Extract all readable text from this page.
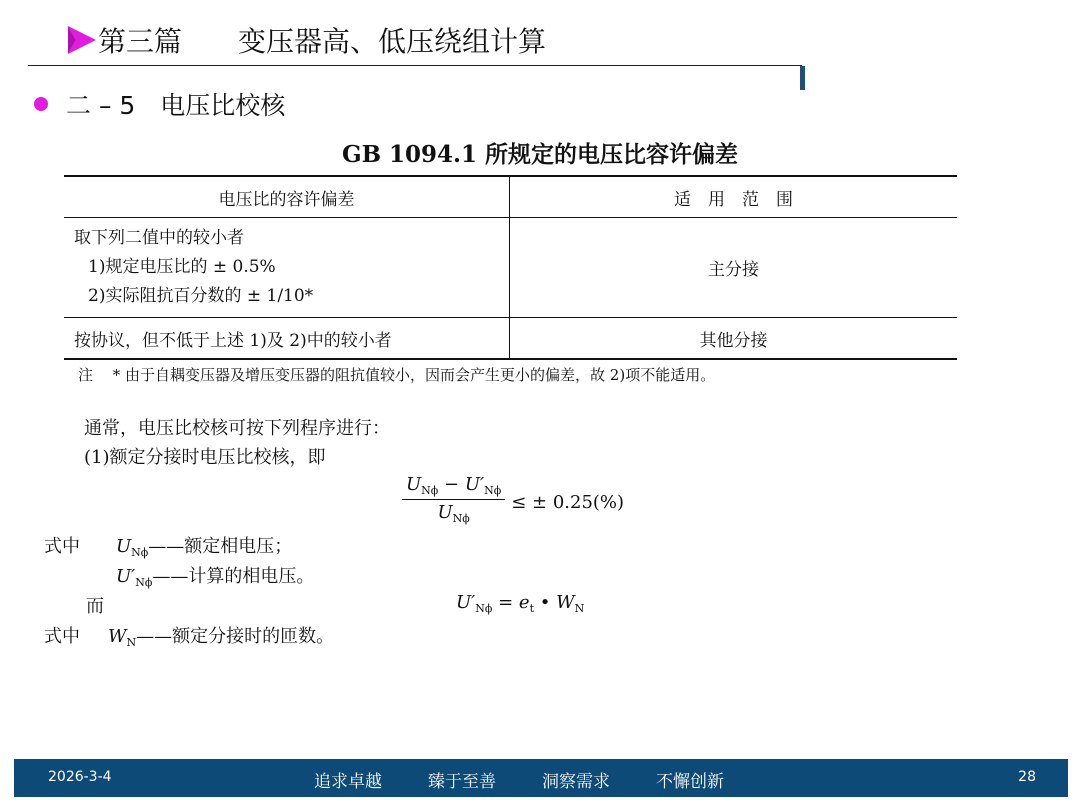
第三篇　　变压器高、低压绕组计算
二 – 5　电压比校核
GB 1094.1 所规定的电压比容许偏差
电压比的容许偏差	适　用　范　围

取下列二值中的较小者
1)规定电压比的 ± 0.5%
2)实际阻抗百分数的 ± 1/10*	主分接

按协议，但不低于上述 1)及 2)中的较小者	其他分接
注　 * 由于自耦变压器及增压变压器的阻抗值较小，因而会产生更小的偏差，故 2)项不能适用。
通常，电压比校核可按下列程序进行：
(1)额定分接时电压比校核，即
$U_{N\phi} - U'_{N\phi}$
$U_{N\phi}$
≤ ± 0.25(%)
式中 $U_{N\phi}——$额定相电压；
$U'_{N\phi}——$计算的相电压。
而	$U'_{N\phi} = e_t$ • $W_N$
式中 $W_N——$额定分接时的匝数。
2026-3-4	追求卓越	臻于至善	洞察需求	不懈创新	28
